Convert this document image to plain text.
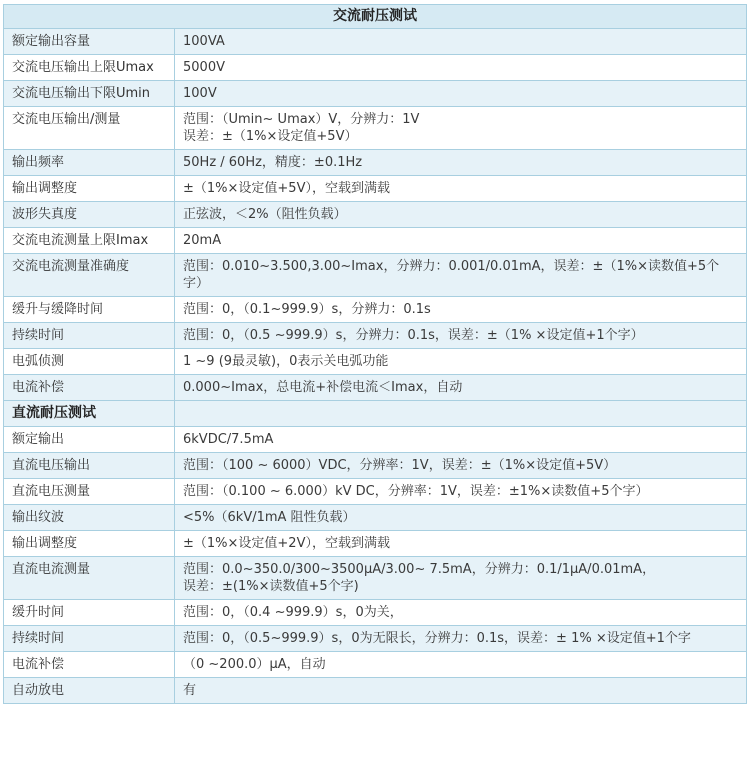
交流耐压测试	
额定输出容量	100VA

交流电压输出上限Umax	5000V

交流电压输出下限Umin	100V

交流电压输出/测量	范围：（Umin~ Umax）V，分辨力：1V
误差：±（1%×设定值+5V）

输出频率	50Hz / 60Hz，精度：±0.1Hz

输出调整度	±（1%×设定值+5V），空载到满载

波形失真度	正弦波，＜2%（阻性负载）

交流电流测量上限Imax	20mA

交流电流测量准确度	范围：0.010~3.500,3.00~Imax，分辨力：0.001/0.01mA，误差：±（1%×读数值+5个字）

缓升与缓降时间	范围：0，（0.1~999.9）s，分辨力：0.1s

持续时间	范围：0，（0.5 ~999.9）s，分辨力：0.1s，误差：±（1% ×设定值+1个字）

电弧侦测	1 ~9 (9最灵敏)，0表示关电弧功能

电流补偿	0.000~Imax，总电流+补偿电流＜Imax，自动

直流耐压测试	
额定输出	6kVDC/7.5mA

直流电压输出	范围：（100 ~ 6000）VDC，分辨率：1V，误差：±（1%×设定值+5V）

直流电压测量	范围：（0.100 ~ 6.000）kV DC，分辨率：1V，误差：±1%×读数值+5个字）

输出纹波	<5%（6kV/1mA 阻性负载）

输出调整度	±（1%×设定值+2V），空载到满载

直流电流测量	范围：0.0~350.0/300~3500μA/3.00~ 7.5mA，分辨力：0.1/1μA/0.01mA，
误差：±(1%×读数值+5个字)

缓升时间	范围：0，（0.4 ~999.9）s，0为关，

持续时间	范围：0，（0.5~999.9）s，0为无限长，分辨力：0.1s，误差：± 1% ×设定值+1个字

电流补偿	（0 ~200.0）μA，自动

自动放电	有
